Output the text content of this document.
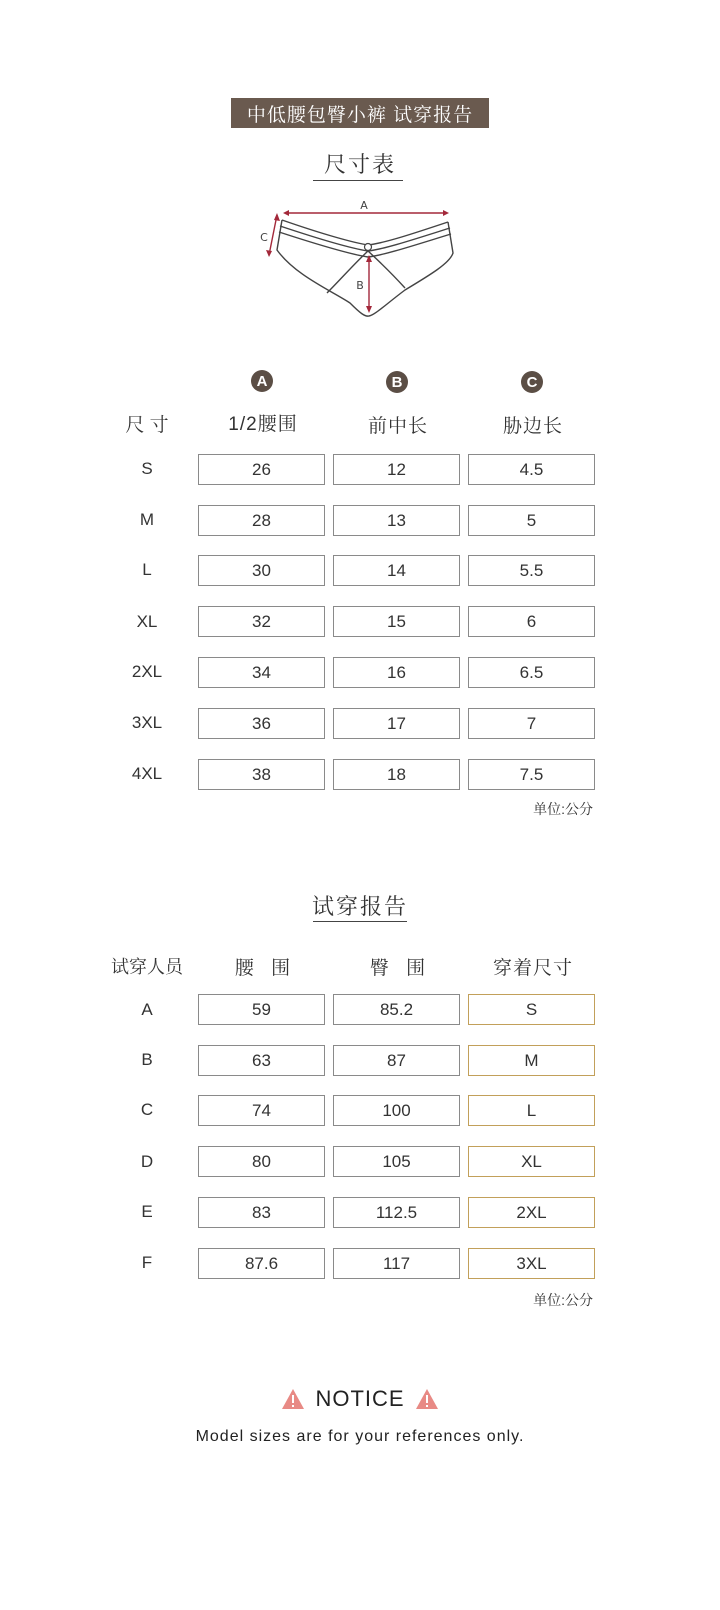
中低腰包臀小裤 试穿报告
尺寸表
A
C
B
A	B	C
尺 寸	1/2腰围	前中长	胁边长
S	26	12	4.5
M	28	13	5
L	30	14	5.5
XL	32	15	6
2XL	34	16	6.5
3XL	36	17	7
4XL	38	18	7.5
单位:公分
试穿报告
试穿人员	腰 围	臀 围	穿着尺寸
A	59	85.2	S
B	63	87	M
C	74	100	L
D	80	105	XL
E	83	112.5	2XL
F	87.6	117	3XL
单位:公分
NOTICE
Model sizes are for your references only.
